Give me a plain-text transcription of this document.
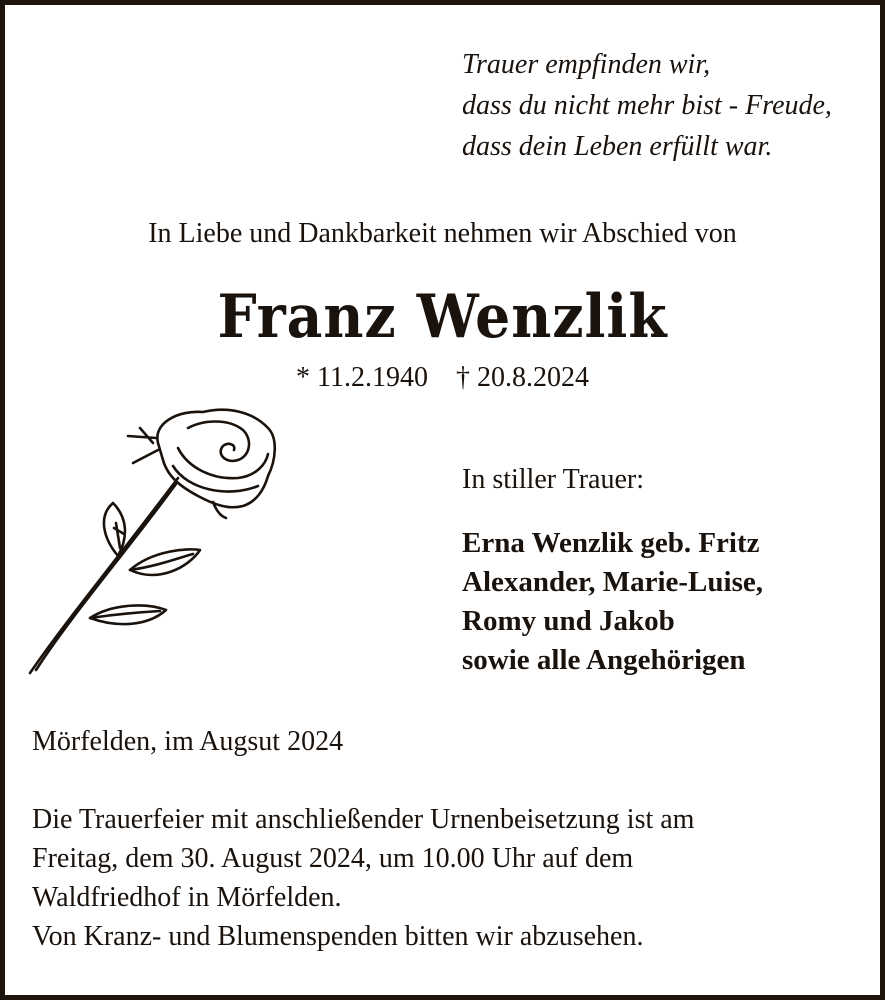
Trauer empfinden wir,
dass du nicht mehr bist - Freude,
dass dein Leben erfüllt war.
In Liebe und Dankbarkeit nehmen wir Abschied von
Franz Wenzlik
* 11.2.1940 † 20.8.2024
In stiller Trauer:
Erna Wenzlik geb. Fritz
Alexander, Marie-Luise,
Romy und Jakob
sowie alle Angehörigen
Mörfelden, im Augsut 2024
Die Trauerfeier mit anschließender Urnenbeisetzung ist am
Freitag, dem 30. August 2024, um 10.00 Uhr auf dem
Waldfriedhof in Mörfelden.
Von Kranz- und Blumenspenden bitten wir abzusehen.
